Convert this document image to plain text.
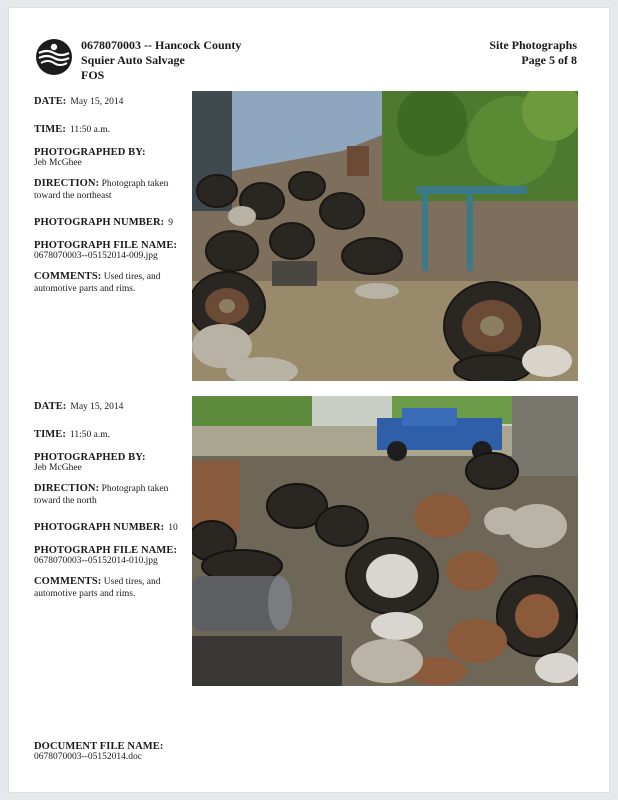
0678070003 -- Hancock County
Squier Auto Salvage
FOS
Site Photographs
Page 5 of 8
DATE: May 15, 2014
TIME: 11:50 a.m.
PHOTOGRAPHED BY:
Jeb McGhee
DIRECTION: Photograph taken toward the northeast
PHOTOGRAPH NUMBER: 9
PHOTOGRAPH FILE NAME:
0678070003--05152014-009.jpg
COMMENTS: Used tires, and automotive parts and rims.
DATE: May 15, 2014
TIME: 11:50 a.m.
PHOTOGRAPHED BY:
Jeb McGhee
DIRECTION: Photograph taken toward the north
PHOTOGRAPH NUMBER: 10
PHOTOGRAPH FILE NAME:
0678070003--05152014-010.jpg
COMMENTS: Used tires, and automotive parts and rims.
DOCUMENT FILE NAME:
0678070003--05152014.doc
